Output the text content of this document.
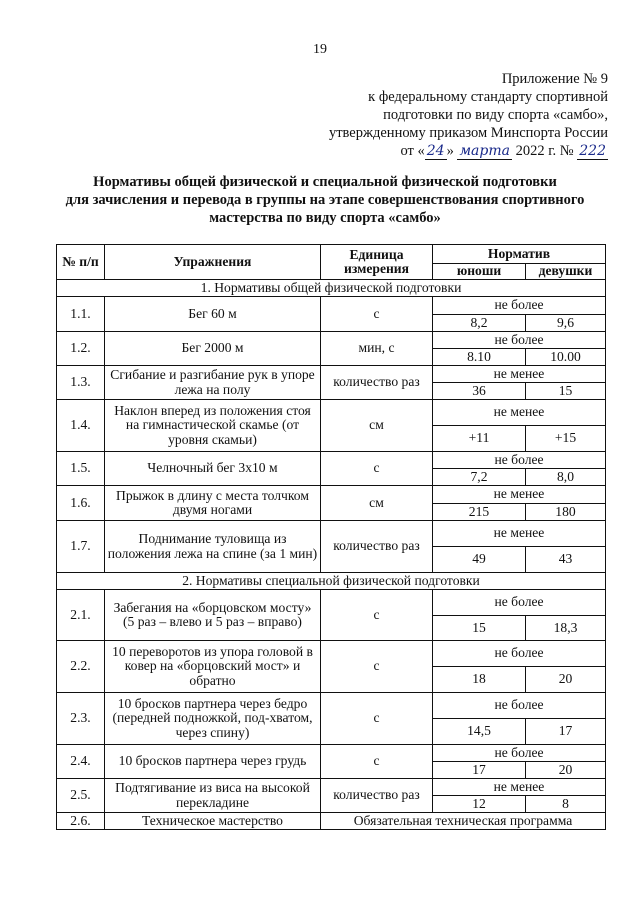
19
Приложение № 9
к федеральному стандарту спортивной
подготовки по виду спорта «самбо»,
утвержденному приказом Минспорта России
от « 24 » марта 2022 г. № 222
Нормативы общей физической и специальной физической подготовки
для зачисления и перевода в группы на этапе совершенствования спортивного
мастерства по виду спорта «самбо»
№ п/п	Упражнения	Единица измерения	Норматив	
			юноши	девушки
1. Нормативы общей физической подготовки				
1.1.	Бег 60 м	с	не более	
			8,2	9,6
1.2.	Бег 2000 м	мин, с	не более	
			8.10	10.00
1.3.	Сгибание и разгибание рук в упоре лежа на полу	количество раз	не менее	
			36	15
1.4.	Наклон вперед из положения стоя на гимнастической скамье (от уровня скамьи)	см	не менее	
			+11	+15
1.5.	Челночный бег 3х10 м	с	не более	
			7,2	8,0
1.6.	Прыжок в длину с места толчком двумя ногами	см	не менее	
			215	180
1.7.	Поднимание туловища из положения лежа на спине (за 1 мин)	количество раз	не менее	
			49	43
2. Нормативы специальной физической подготовки				
2.1.	Забегания на «борцовском мосту» (5 раз – влево и 5 раз – вправо)	с	не более	
			15	18,3
2.2.	10 переворотов из упора головой в ковер на «борцовский мост» и обратно	с	не более	
			18	20
2.3.	10 бросков партнера через бедро (передней подножкой, под-хватом, через спину)	с	не более	
			14,5	17
2.4.	10 бросков партнера через грудь	с	не более	
			17	20
2.5.	Подтягивание из виса на высокой перекладине	количество раз	не менее	
			12	8
2.6.	Техническое мастерство	Обязательная техническая программа		
